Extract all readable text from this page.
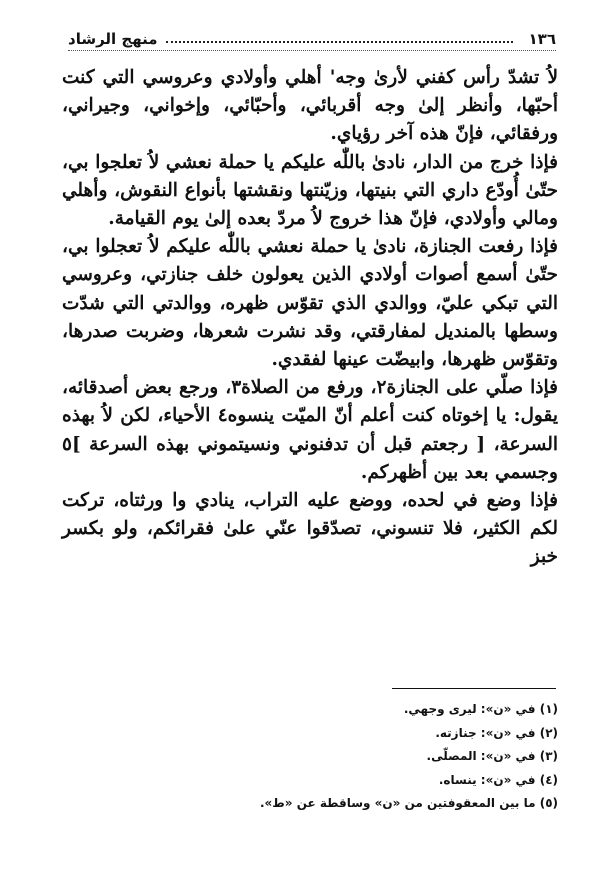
١٣٦
منهج الرشاد

لاُ تشدّ رأس كفني لأرىٰ وجه' أهلي وأولادي وعروسي التي كنت أحبّها، وأنظر إلىٰ وجه أقربائي، وأحبّائي، وإخواني، وجيراني، ورفقائي، فإنّ هذه آخر رؤياي.

فإذا خرج من الدار، نادىٰ باللّٰه عليكم يا حملة نعشي لاُ تعلجوا بي، حتّىٰ أُودّع داري التي بنيتها، وزيّنتها ونقشتها بأنواع النقوش، وأهلي ومالي وأولادي، فإنّ هذا خروج لاُ مردّ بعده إلىٰ يوم القيامة.

فإذا رفعت الجنازة، نادىٰ يا حملة نعشي باللّٰه عليكم لاُ تعجلوا بي، حتّىٰ أسمع أصوات أولادي الذين يعولون خلف جنازتي، وعروسي التي تبكي عليّ، ووالدي الذي تقوّس ظهره، ووالدتي التي شدّت وسطها بالمنديل لمفارقتي، وقد نشرت شعرها، وضربت صدرها، وتقوّس ظهرها، وابيضّت عينها لفقدي.

فإذا صلّي على الجنازة٢، ورفع من الصلاة٣، ورجع بعض أصدقائه، يقول: يا إخوتاه كنت أعلم أنّ الميّت ينسوه٤ الأحياء، لكن لاُ بهذه السرعة، [ رجعتم قبل أن تدفنوني ونسيتموني بهذه السرعة ]٥ وجسمي بعد بين أظهركم.

فإذا وضع في لحده، ووضع عليه التراب، ينادي وا ورثتاه، تركت لكم الكثير، فلا تنسوني، تصدّقوا عنّي علىٰ فقرائكم، ولو بكسر خبز

(١) في «ن»: ليرى وجهي.

(٢) في «ن»: جنازته.

(٣) في «ن»: المصلّى.

(٤) في «ن»: ينساه.

(٥) ما بين المعقوفتين من «ن» وساقطة عن «ط».
